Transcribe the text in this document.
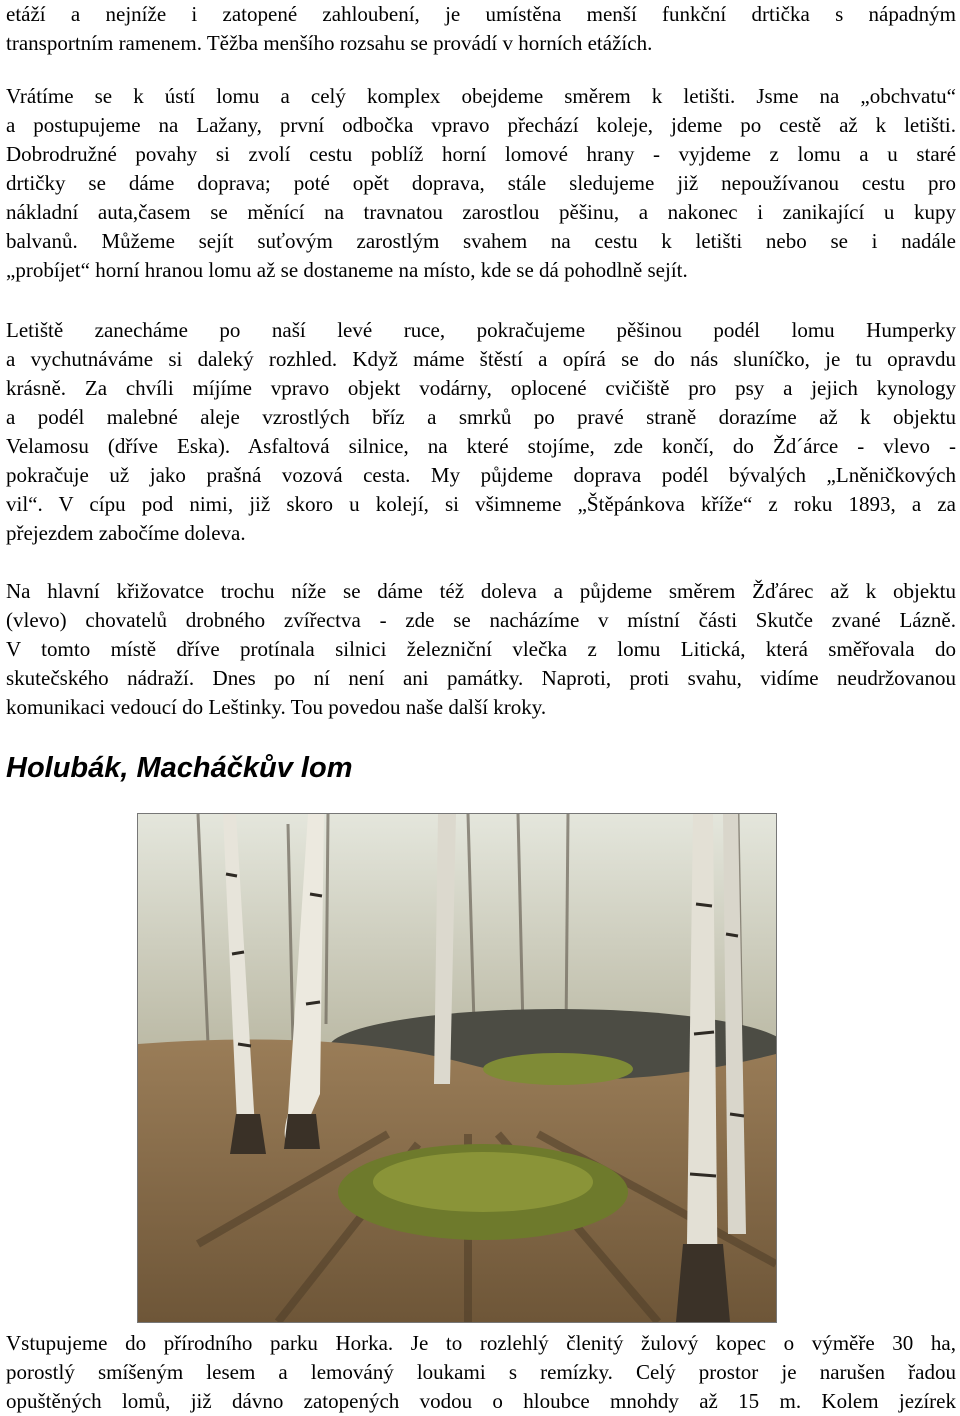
etáží a nejníže i zatopené zahloubení, je umístěna menší funkční drtička s nápadným
transportním ramenem. Těžba menšího rozsahu se provádí v horních etážích.

Vrátíme se k ústí lomu a celý komplex obejdeme směrem k letišti. Jsme na „obchvatu“
a postupujeme na Lažany, první odbočka vpravo přechází koleje, jdeme po cestě až k letišti.
Dobrodružné povahy si zvolí cestu poblíž horní lomové hrany - vyjdeme z lomu a u staré
drtičky se dáme doprava; poté opět doprava, stále sledujeme již nepoužívanou cestu pro
nákladní auta,časem se měnící na travnatou zarostlou pěšinu, a nakonec i zanikající u kupy
balvanů. Můžeme sejít suťovým zarostlým svahem na cestu k letišti nebo se i nadále
„probíjet“ horní hranou lomu až se dostaneme na místo, kde se dá pohodlně sejít.

Letiště zanecháme po naší levé ruce, pokračujeme pěšinou podél lomu Humperky
a vychutnáváme si daleký rozhled. Když máme štěstí a opírá se do nás sluníčko, je tu opravdu
krásně. Za chvíli míjíme vpravo objekt vodárny, oplocené cvičiště pro psy a jejich kynology
a podél malebné aleje vzrostlých bříz a smrků po pravé straně dorazíme až k objektu
Velamosu (dříve Eska). Asfaltová silnice, na které stojíme, zde končí, do Žd´árce - vlevo -
pokračuje už jako prašná vozová cesta. My půjdeme doprava podél bývalých „Lněničkových
vil“. V cípu pod nimi, již skoro u kolejí, si všimneme „Štěpánkova kříže“ z roku 1893, a za
přejezdem zabočíme doleva.

Na hlavní křižovatce trochu níže se dáme též doleva a půjdeme směrem Žďárec až k objektu
(vlevo) chovatelů drobného zvířectva - zde se nacházíme v místní části Skutče zvané Lázně.
V tomto místě dříve protínala silnici železniční vlečka z lomu Litická, která směřovala do
skutečského nádraží. Dnes po ní není ani památky. Naproti, proti svahu, vidíme neudržovanou
komunikaci vedoucí do Leštinky. Tou povedou naše další kroky.

Holubák, Macháčkův lom

Vstupujeme do přírodního parku Horka. Je to rozlehlý členitý žulový kopec o výměře 30 ha,
porostlý smíšeným lesem a lemováný loukami s remízky. Celý prostor je narušen řadou
opuštěných lomů, již dávno zatopených vodou o hloubce mnohdy až 15 m. Kolem jezírek
